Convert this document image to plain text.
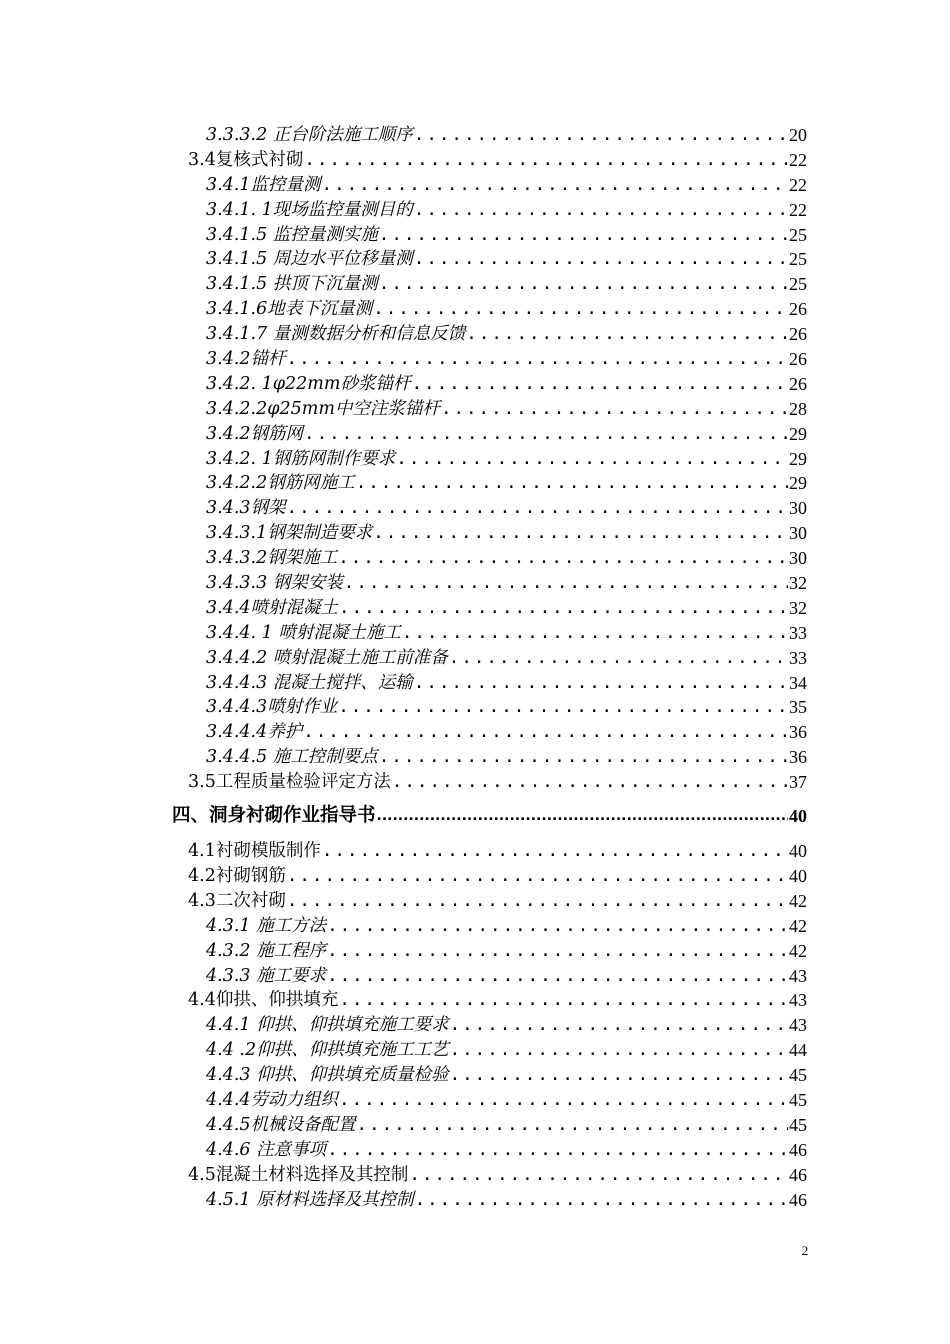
3.3.3.2 正台阶法施工顺序 .....	20
3.4复核式衬砌 .....	22
3.4.1监控量测 .....	22
3.4.1. 1现场监控量测目的 .....	22
3.4.1.5 监控量测实施 .....	25
3.4.1.5 周边水平位移量测 .....	25
3.4.1.5 拱顶下沉量测 .....	25
3.4.1.6地表下沉量测 .....	26
3.4.1.7 量测数据分析和信息反馈 .....	26
3.4.2锚杆 .....	26
3.4.2. 1φ22mm砂浆锚杆 .....	26
3.4.2.2φ25mm中空注浆锚杆 .....	28
3.4.2钢筋网 .....	29
3.4.2. 1钢筋网制作要求 .....	29
3.4.2.2钢筋网施工 .....	29
3.4.3钢架 .....	30
3.4.3.1钢架制造要求 .....	30
3.4.3.2钢架施工 .....	30
3.4.3.3 钢架安装 .....	32
3.4.4喷射混凝土 .....	32
3.4.4. 1 喷射混凝土施工 .....	33
3.4.4.2 喷射混凝土施工前准备 .....	33
3.4.4.3 混凝土搅拌、运输 .....	34
3.4.4.3喷射作业 .....	35
3.4.4.4养护 .....	36
3.4.4.5 施工控制要点 .....	36
3.5工程质量检验评定方法 .....	37
四、洞身衬砌作业指导书 .....	40
4.1衬砌模版制作 .....	40
4.2衬砌钢筋 .....	40
4.3二次衬砌 .....	42
4.3.1 施工方法 .....	42
4.3.2 施工程序 .....	42
4.3.3 施工要求 .....	43
4.4仰拱、仰拱填充 .....	43
4.4.1 仰拱、仰拱填充施工要求 .....	43
4.4 .2仰拱、仰拱填充施工工艺 .....	44
4.4.3 仰拱、仰拱填充质量检验 .....	45
4.4.4劳动力组织 .....	45
4.4.5机械设备配置 .....	45
4.4.6 注意事项 .....	46
4.5混凝土材料选择及其控制 .....	46
4.5.1 原材料选择及其控制 .....	46
2
